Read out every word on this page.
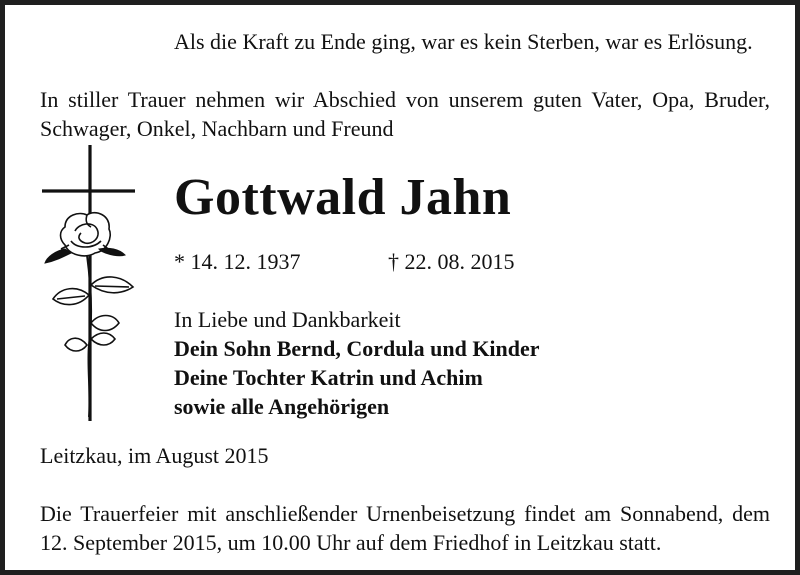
Als die Kraft zu Ende ging, war es kein Sterben, war es Erlösung.
In stiller Trauer nehmen wir Abschied von unserem guten Vater, Opa, Bruder, Schwager, Onkel, Nachbarn und Freund
Gottwald Jahn
* 14. 12. 1937	† 22. 08. 2015
In Liebe und Dankbarkeit
Dein Sohn Bernd, Cordula und Kinder
Deine Tochter Katrin und Achim
sowie alle Angehörigen
Leitzkau, im August 2015
Die Trauerfeier mit anschließender Urnenbeisetzung findet am Sonnabend, dem 12. September 2015, um 10.00 Uhr auf dem Friedhof in Leitzkau statt.
